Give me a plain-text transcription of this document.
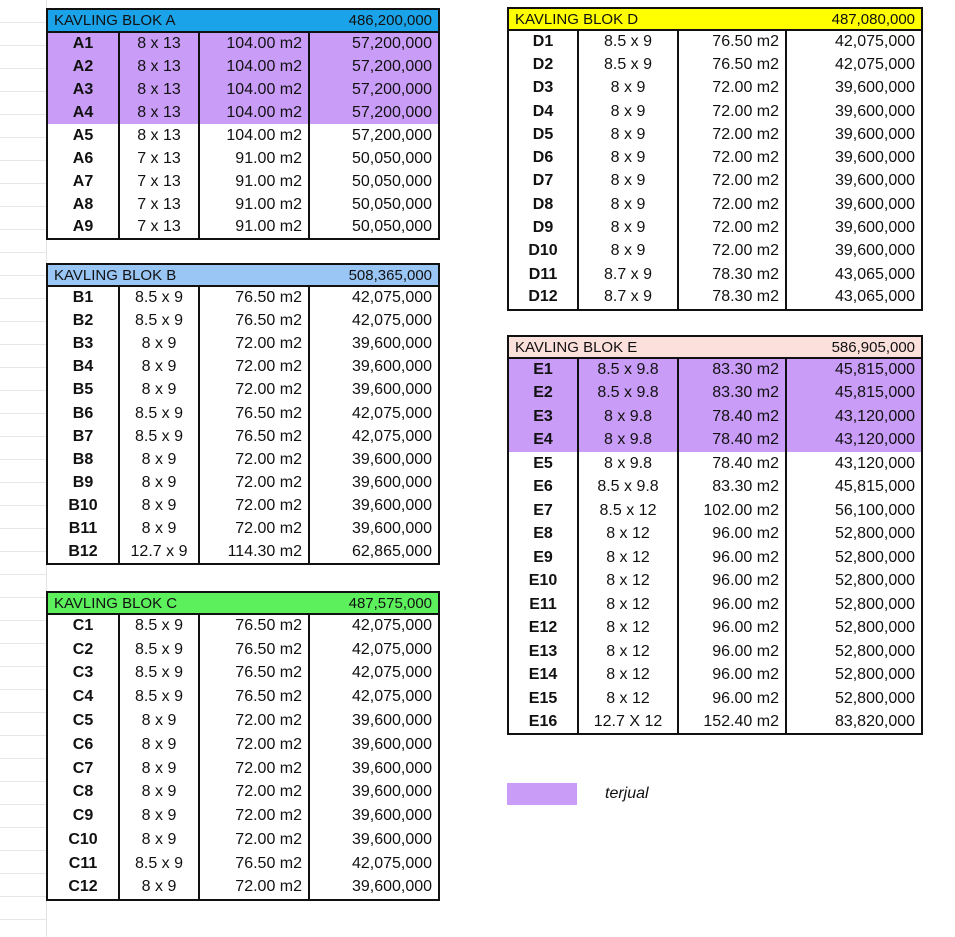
KAVLING BLOK A		486,200,000	
A1	8 x 13	104.00 m2	57,200,000
A2	8 x 13	104.00 m2	57,200,000
A3	8 x 13	104.00 m2	57,200,000
A4	8 x 13	104.00 m2	57,200,000
A5	8 x 13	104.00 m2	57,200,000
A6	7 x 13	91.00 m2	50,050,000
A7	7 x 13	91.00 m2	50,050,000
A8	7 x 13	91.00 m2	50,050,000
A9	7 x 13	91.00 m2	50,050,000
KAVLING BLOK B		508,365,000	
B1	8.5 x 9	76.50 m2	42,075,000
B2	8.5 x 9	76.50 m2	42,075,000
B3	8 x 9	72.00 m2	39,600,000
B4	8 x 9	72.00 m2	39,600,000
B5	8 x 9	72.00 m2	39,600,000
B6	8.5 x 9	76.50 m2	42,075,000
B7	8.5 x 9	76.50 m2	42,075,000
B8	8 x 9	72.00 m2	39,600,000
B9	8 x 9	72.00 m2	39,600,000
B10	8 x 9	72.00 m2	39,600,000
B11	8 x 9	72.00 m2	39,600,000
B12	12.7 x 9	114.30 m2	62,865,000
KAVLING BLOK C		487,575,000	
C1	8.5 x 9	76.50 m2	42,075,000
C2	8.5 x 9	76.50 m2	42,075,000
C3	8.5 x 9	76.50 m2	42,075,000
C4	8.5 x 9	76.50 m2	42,075,000
C5	8 x 9	72.00 m2	39,600,000
C6	8 x 9	72.00 m2	39,600,000
C7	8 x 9	72.00 m2	39,600,000
C8	8 x 9	72.00 m2	39,600,000
C9	8 x 9	72.00 m2	39,600,000
C10	8 x 9	72.00 m2	39,600,000
C11	8.5 x 9	76.50 m2	42,075,000
C12	8 x 9	72.00 m2	39,600,000
KAVLING BLOK D		487,080,000	
D1	8.5 x 9	76.50 m2	42,075,000
D2	8.5 x 9	76.50 m2	42,075,000
D3	8 x 9	72.00 m2	39,600,000
D4	8 x 9	72.00 m2	39,600,000
D5	8 x 9	72.00 m2	39,600,000
D6	8 x 9	72.00 m2	39,600,000
D7	8 x 9	72.00 m2	39,600,000
D8	8 x 9	72.00 m2	39,600,000
D9	8 x 9	72.00 m2	39,600,000
D10	8 x 9	72.00 m2	39,600,000
D11	8.7 x 9	78.30 m2	43,065,000
D12	8.7 x 9	78.30 m2	43,065,000
KAVLING BLOK E		586,905,000	
E1	8.5 x 9.8	83.30 m2	45,815,000
E2	8.5 x 9.8	83.30 m2	45,815,000
E3	8 x 9.8	78.40 m2	43,120,000
E4	8 x 9.8	78.40 m2	43,120,000
E5	8 x 9.8	78.40 m2	43,120,000
E6	8.5 x 9.8	83.30 m2	45,815,000
E7	8.5 x 12	102.00 m2	56,100,000
E8	8 x 12	96.00 m2	52,800,000
E9	8 x 12	96.00 m2	52,800,000
E10	8 x 12	96.00 m2	52,800,000
E11	8 x 12	96.00 m2	52,800,000
E12	8 x 12	96.00 m2	52,800,000
E13	8 x 12	96.00 m2	52,800,000
E14	8 x 12	96.00 m2	52,800,000
E15	8 x 12	96.00 m2	52,800,000
E16	12.7 X 12	152.40 m2	83,820,000
terjual
